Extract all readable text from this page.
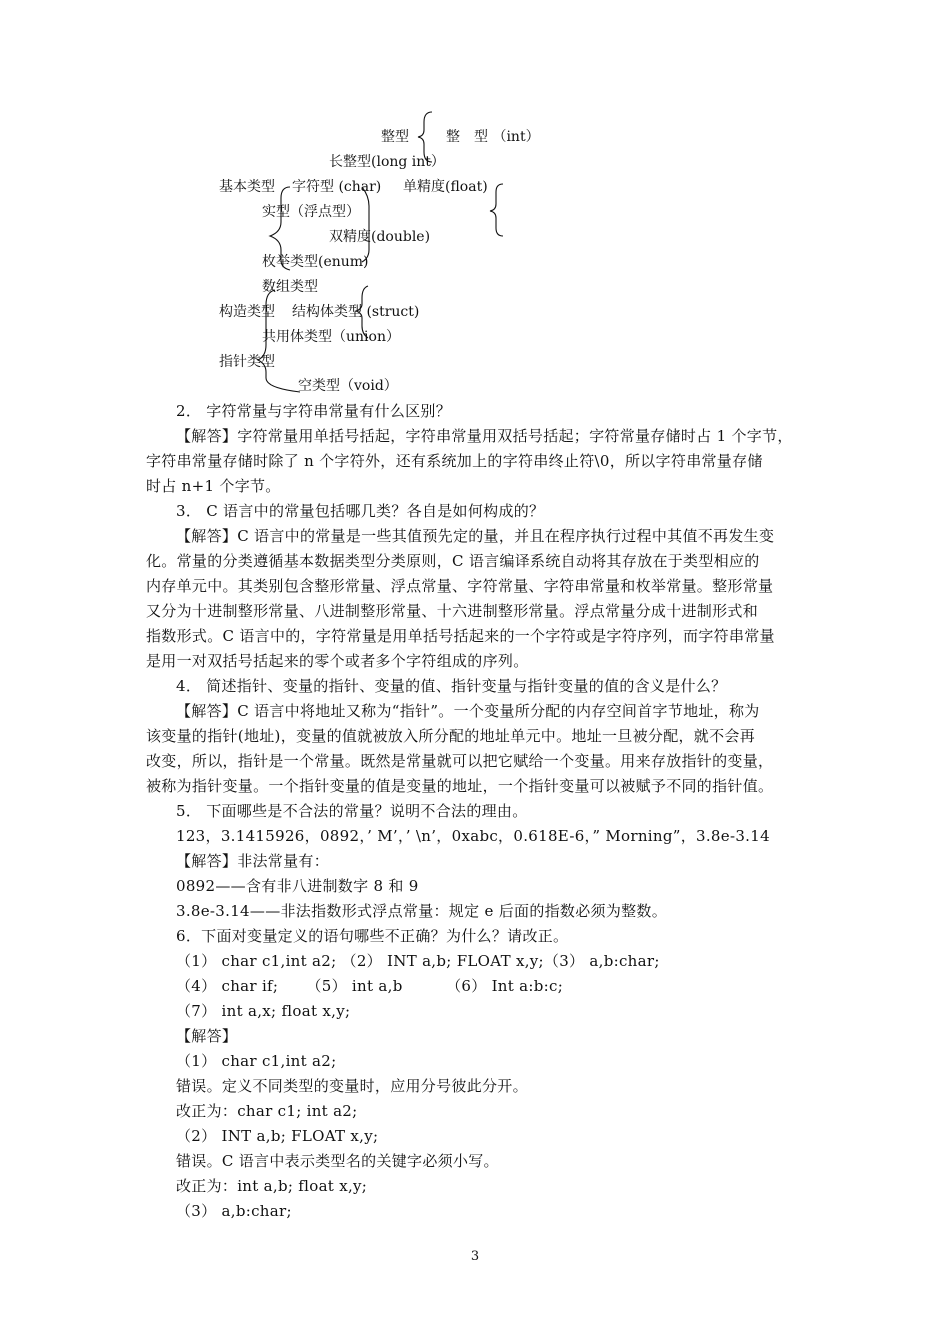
整型	整　型 （int）
长整型(long int）
基本类型 字符型 (char) 单精度(float)
实型（浮点型）
双精度(double)
枚举类型(enum)
数组类型
构造类型 结构体类型 (struct)
共用体类型（union）
指针类型
空类型（void）
2． 字符常量与字符串常量有什么区别？
【解答】字符常量用单括号括起，字符串常量用双括号括起；字符常量存储时占 1 个字节，
字符串常量存储时除了 n 个字符外，还有系统加上的字符串终止符\0，所以字符串常量存储
时占 n+1 个字节。
3． C 语言中的常量包括哪几类？各自是如何构成的？
【解答】C 语言中的常量是一些其值预先定的量，并且在程序执行过程中其值不再发生变
化。常量的分类遵循基本数据类型分类原则，C 语言编译系统自动将其存放在于类型相应的
内存单元中。其类别包含整形常量、浮点常量、字符常量、字符串常量和枚举常量。整形常量
又分为十进制整形常量、八进制整形常量、十六进制整形常量。浮点常量分成十进制形式和
指数形式。C 语言中的，字符常量是用单括号括起来的一个字符或是字符序列，而字符串常量
是用一对双括号括起来的零个或者多个字符组成的序列。
4． 简述指针、变量的指针、变量的值、指针变量与指针变量的值的含义是什么？
【解答】C 语言中将地址又称为“指针”。一个变量所分配的内存空间首字节地址，称为
该变量的指针(地址)，变量的值就被放入所分配的地址单元中。地址一旦被分配，就不会再
改变，所以，指针是一个常量。既然是常量就可以把它赋给一个变量。用来存放指针的变量，
被称为指针变量。一个指针变量的值是变量的地址，一个指针变量可以被赋予不同的指针值。
5． 下面哪些是不合法的常量？说明不合法的理由。
123，3.1415926，0892，’ M’，’ \n’，0xabc，0.618E-6，” Morning”，3.8e-3.14
【解答】非法常量有：
0892——含有非八进制数字 8 和 9
3.8e-3.14——非法指数形式浮点常量：规定 e 后面的指数必须为整数。
6．下面对变量定义的语句哪些不正确？为什么？请改正。
（1） char c1,int a2; （2） INT a,b; FLOAT x,y;（3） a,b:char;
（4） char if; 　　（5） int a,b 　　　（6） Int a:b:c;
（7） int a,x; float x,y;
【解答】
（1） char c1,int a2;
错误。定义不同类型的变量时，应用分号彼此分开。
改正为：char c1; int a2;
（2） INT a,b; FLOAT x,y;
错误。C 语言中表示类型名的关键字必须小写。
改正为：int a,b; float x,y;
（3） a,b:char;
3
